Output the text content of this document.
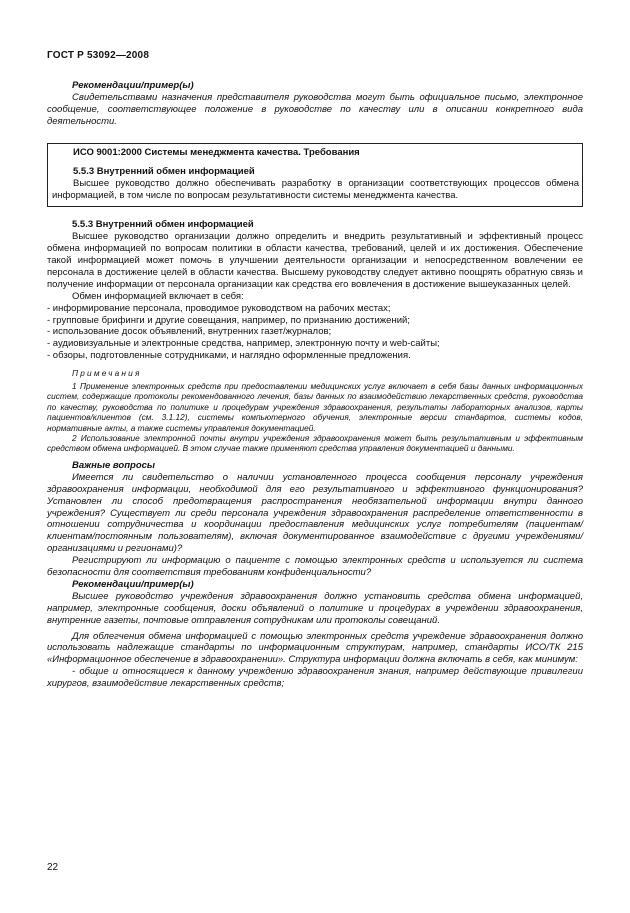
ГОСТ Р 53092—2008

Рекомендации/пример(ы)

Свидетельствами назначения представителя руководства могут быть официальное письмо, электронное сообщение, соответствующее положение в руководстве по качеству или в описании конкретного вида деятельности.

ИСО 9001:2000 Системы менеджмента качества. Требования

5.5.3 Внутренний обмен информацией

Высшее руководство должно обеспечивать разработку в организации соответствующих процессов обмена информацией, в том числе по вопросам результативности системы менеджмента качества.

5.5.3 Внутренний обмен информацией

Высшее руководство организации должно определить и внедрить результативный и эффективный процесс обмена информацией по вопросам политики в области качества, требований, целей и их достижения. Обеспечение такой информацией может помочь в улучшении деятельности организации и непосредственном вовлечении ее персонала в достижение целей в области качества. Высшему руководству следует активно поощрять обратную связь и получение информации от персонала организации как средства его вовлечения в достижение вышеуказанных целей.

Обмен информацией включает в себя:

- информирование персонала, проводимое руководством на рабочих местах;

- групповые брифинги и другие совещания, например, по признанию достижений;

- использование досок объявлений, внутренних газет/журналов;

- аудиовизуальные и электронные средства, например, электронную почту и web-сайты;

- обзоры, подготовленные сотрудниками, и наглядно оформленные предложения.

Примечания

1 Применение электронных средств при предоставлении медицинских услуг включает в себя базы данных информационных систем, содержащие протоколы рекомендованного лечения, базы данных по взаимодействию лекарственных средств, руководства по качеству, руководства по политике и процедурам учреждения здравоохранения, результаты лабораторных анализов, карты пациентов/клиентов (см. 3.1.12), системы компьютерного обучения, электронные версии стандартов, системы кодов, нормативные акты, а также системы управления документацией.

2 Использование электронной почты внутри учреждения здравоохранения может быть результативным и эффективным средством обмена информацией. В этом случае также применяют средства управления документацией и данными.

Важные вопросы

Имеется ли свидетельство о наличии установленного процесса сообщения персоналу учреждения здравоохранения информации, необходимой для его результативного и эффективного функционирования? Установлен ли способ предотвращения распространения необязательной информации внутри данного учреждения? Существует ли среди персонала учреждения здравоохранения распределение ответственности в отношении сотрудничества и координации предоставления медицинских услуг потребителям (пациентам/клиентам/постоянным пользователям), включая документированное взаимодействие с другими учреждениями/организациями и регионами)?

Регистрируют ли информацию о пациенте с помощью электронных средств и используется ли система безопасности для соответствия требованиям конфиденциальности?

Рекомендации/пример(ы)

Высшее руководство учреждения здравоохранения должно установить средства обмена информацией, например, электронные сообщения, доски объявлений о политике и процедурах в учреждении здравоохранения, внутренние газеты, почтовые отправления сотрудникам или протоколы совещаний.

Для облегчения обмена информацией с помощью электронных средств учреждение здравоохранения должно использовать надлежащие стандарты по информационным структурам, например, стандарты ИСО/ТК 215 «Информационное обеспечение в здравоохранении». Структура информации должна включать в себя, как минимум:

- общие и относящиеся к данному учреждению здравоохранения знания, например действующие привилегии хирургов, взаимодействие лекарственных средств;

22
